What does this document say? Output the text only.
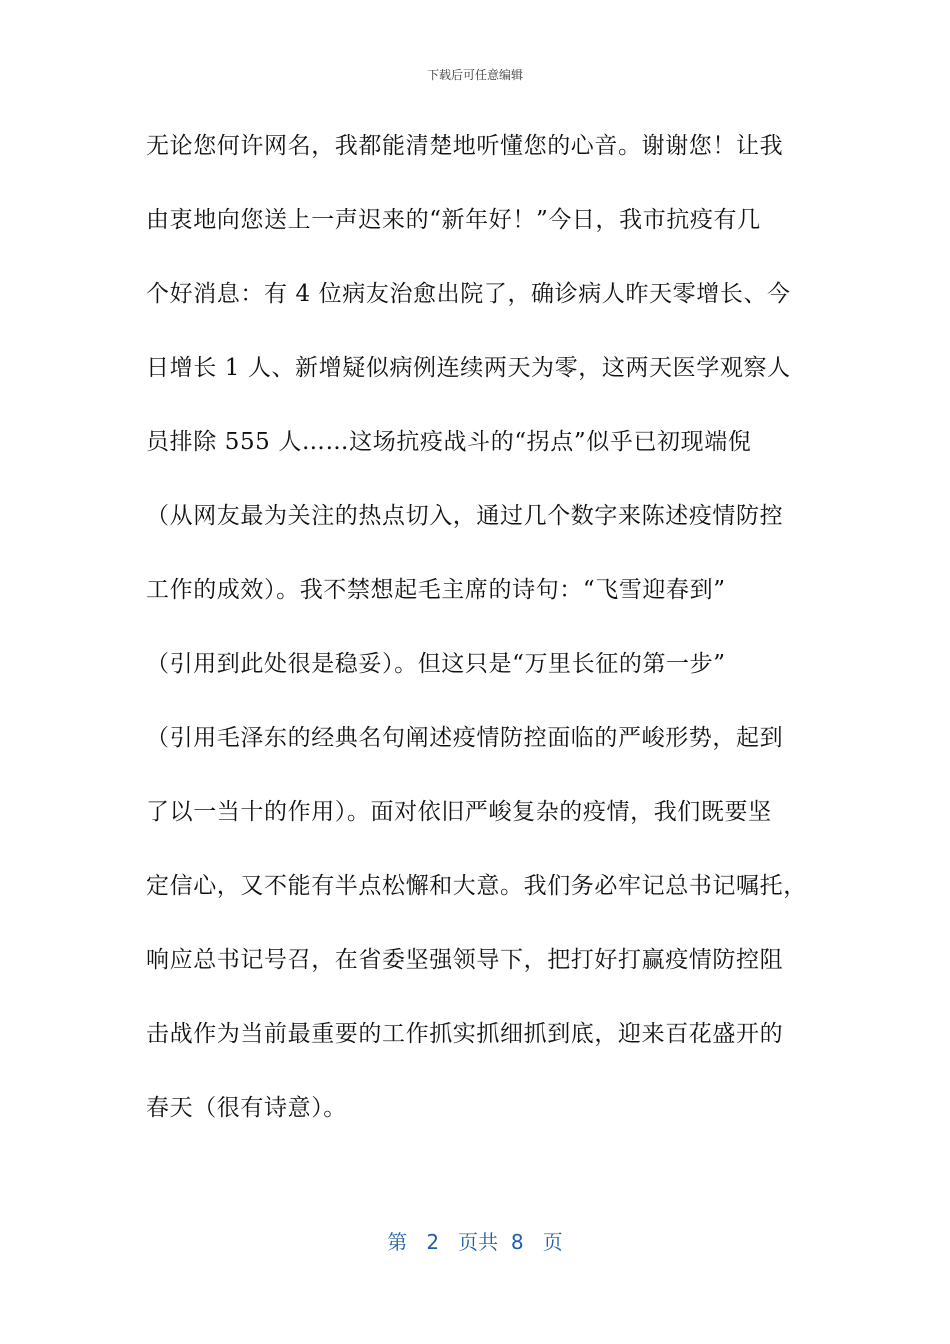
下载后可任意编辑
无论您何许网名，我都能清楚地听懂您的心音。谢谢您！让我
由衷地向您送上一声迟来的“新年好！”今日，我市抗疫有几
个好消息：有 4 位病友治愈出院了，确诊病人昨天零增长、今
日增长 1 人、新增疑似病例连续两天为零，这两天医学观察人
员排除 555 人……这场抗疫战斗的“拐点”似乎已初现端倪
（从网友最为关注的热点切入，通过几个数字来陈述疫情防控
工作的成效）。我不禁想起毛主席的诗句：“飞雪迎春到”
（引用到此处很是稳妥）。但这只是“万里长征的第一步”
（引用毛泽东的经典名句阐述疫情防控面临的严峻形势，起到
了以一当十的作用）。面对依旧严峻复杂的疫情，我们既要坚
定信心，又不能有半点松懈和大意。我们务必牢记总书记嘱托，
响应总书记号召，在省委坚强领导下，把打好打赢疫情防控阻
击战作为当前最重要的工作抓实抓细抓到底，迎来百花盛开的
春天（很有诗意）。
第 2 页共 8 页
